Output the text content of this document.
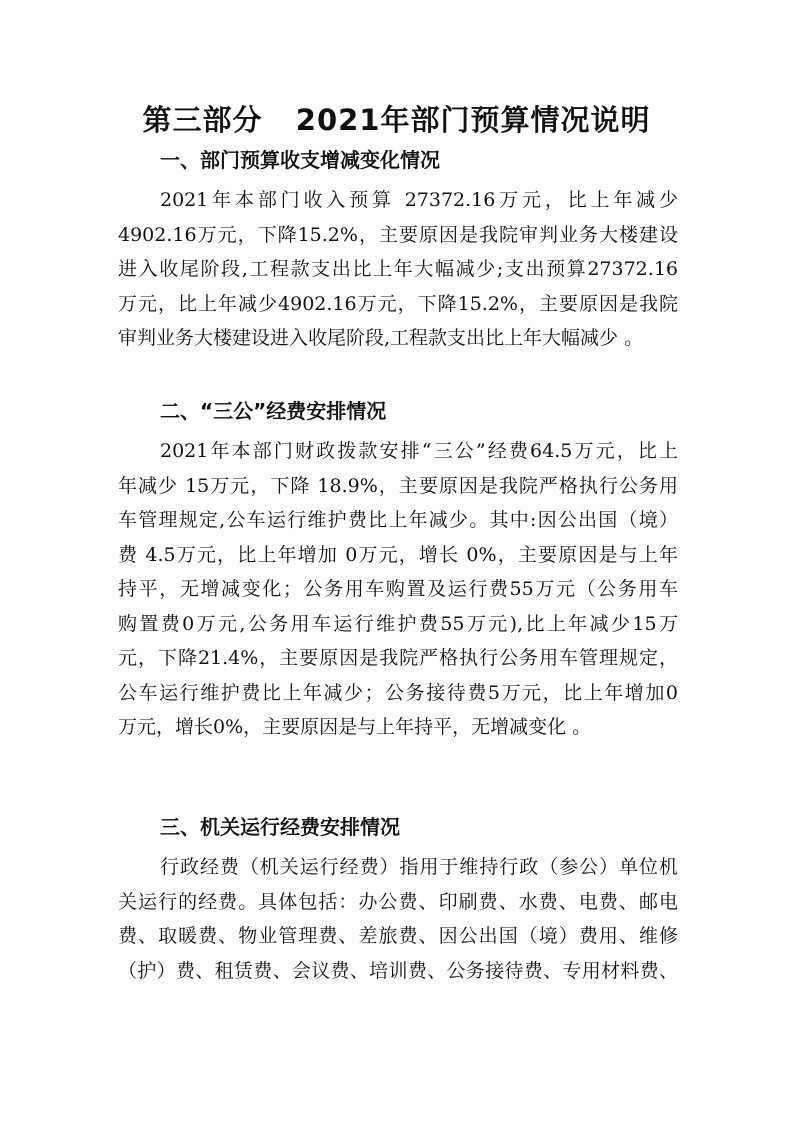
第三部分   2021年部门预算情况说明
一、部门预算收支增减变化情况
2021年本部门收入预算 27372.16万元，比上年减少
4902.16万元，下降15.2%，主要原因是我院审判业务大楼建设
进入收尾阶段,工程款支出比上年大幅减少;支出预算27372.16
万元，比上年减少4902.16万元，下降15.2%，主要原因是我院
审判业务大楼建设进入收尾阶段,工程款支出比上年大幅减少 。
二、“三公”经费安排情况
2021年本部门财政拨款安排“三公”经费64.5万元，比上
年减少 15万元，下降 18.9%，主要原因是我院严格执行公务用
车管理规定,公车运行维护费比上年减少。其中:因公出国（境）
费 4.5万元，比上年增加 0万元，增长 0%，主要原因是与上年
持平，无增减变化；公务用车购置及运行费55万元（公务用车
购置费0万元,公务用车运行维护费55万元),比上年减少15万
元，下降21.4%，主要原因是我院严格执行公务用车管理规定，
公车运行维护费比上年减少；公务接待费5万元，比上年增加0
万元，增长0%，主要原因是与上年持平，无增减变化 。
三、机关运行经费安排情况
行政经费（机关运行经费）指用于维持行政（参公）单位机
关运行的经费。具体包括：办公费、印刷费、水费、电费、邮电
费、取暖费、物业管理费、差旅费、因公出国（境）费用、维修
（护）费、租赁费、会议费、培训费、公务接待费、专用材料费、
